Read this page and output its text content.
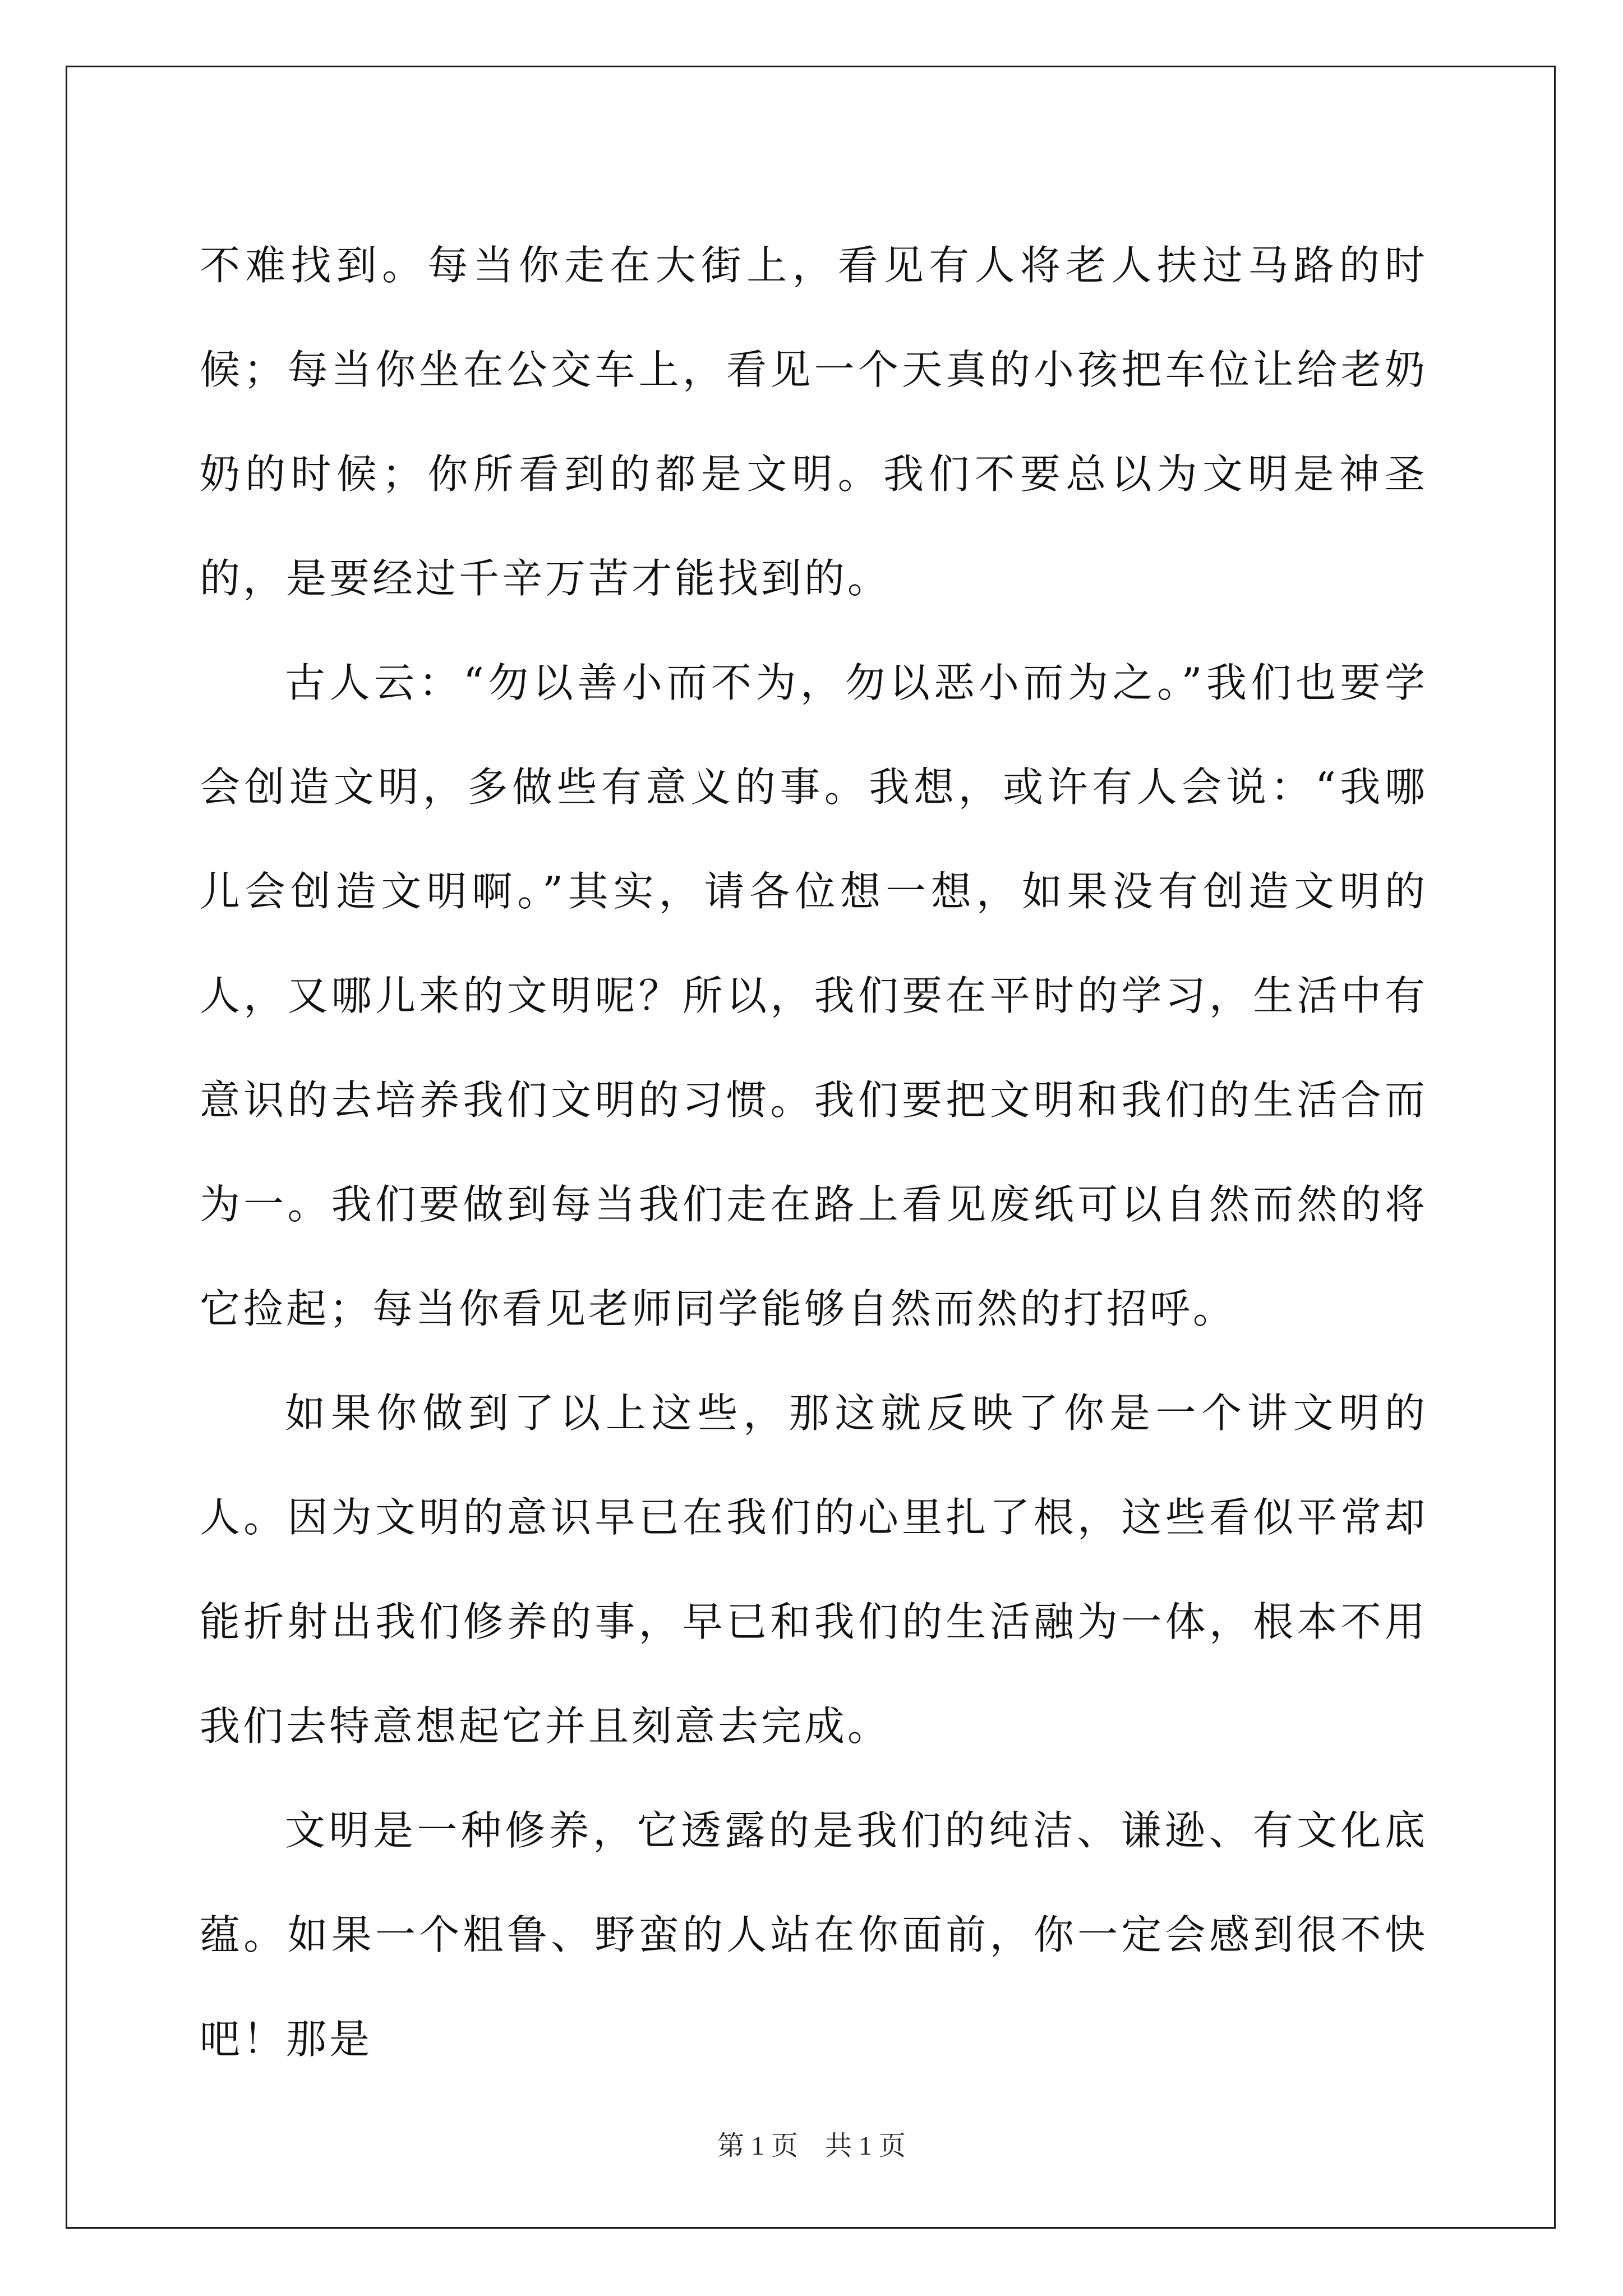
不难找到。每当你走在大街上，看见有人将老人扶过马路的时候；每当你坐在公交车上，看见一个天真的小孩把车位让给老奶奶的时候；你所看到的都是文明。我们不要总以为文明是神圣的，是要经过千辛万苦才能找到的。

古人云：“勿以善小而不为，勿以恶小而为之。”我们也要学会创造文明，多做些有意义的事。我想，或许有人会说：“我哪儿会创造文明啊。”其实，请各位想一想，如果没有创造文明的人，又哪儿来的文明呢？所以，我们要在平时的学习，生活中有意识的去培养我们文明的习惯。我们要把文明和我们的生活合而为一。我们要做到每当我们走在路上看见废纸可以自然而然的将它捡起；每当你看见老师同学能够自然而然的打招呼。

如果你做到了以上这些，那这就反映了你是一个讲文明的人。因为文明的意识早已在我们的心里扎了根，这些看似平常却能折射出我们修养的事，早已和我们的生活融为一体，根本不用我们去特意想起它并且刻意去完成。

文明是一种修养，它透露的是我们的纯洁、谦逊、有文化底蕴。如果一个粗鲁、野蛮的人站在你面前，你一定会感到很不快吧！那是

第 1 页　共 1 页
